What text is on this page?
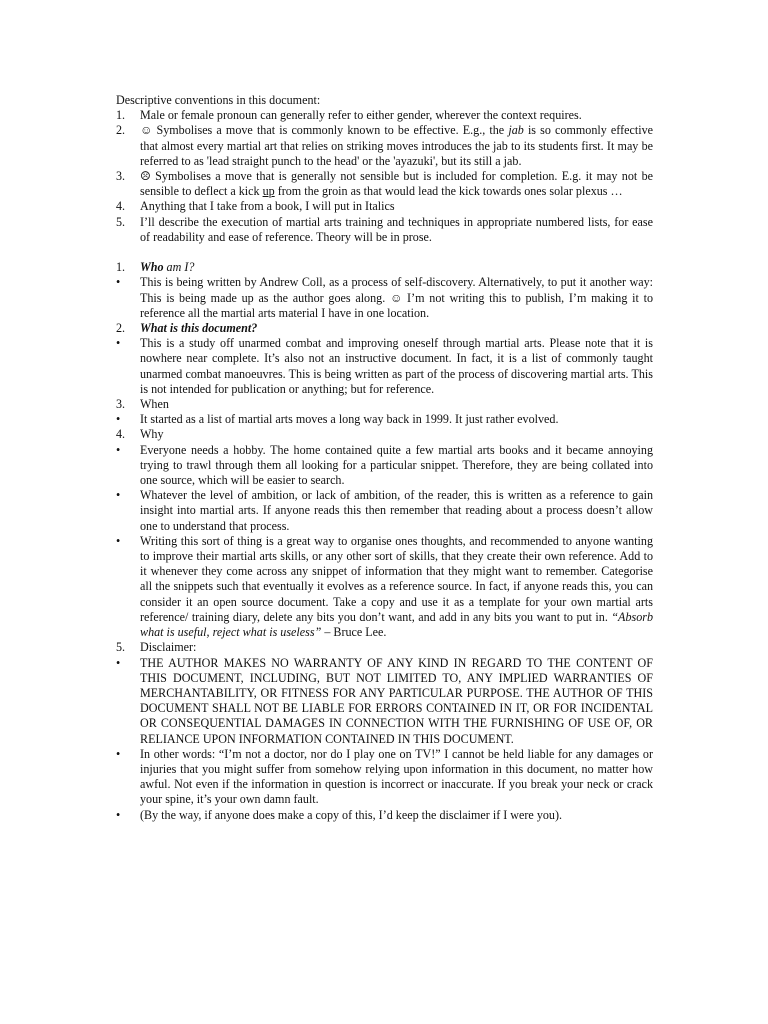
Descriptive conventions in this document:

1.	Male or female pronoun can generally refer to either gender, wherever the context requires.
2.	☺ Symbolises a move that is commonly known to be effective. E.g., the jab is so commonly effective that almost every martial art that relies on striking moves introduces the jab to its students first. It may be referred to as 'lead straight punch to the head' or the 'ayazuki', but its still a jab.
3.	☹ Symbolises a move that is generally not sensible but is included for completion. E.g. it may not be sensible to deflect a kick up from the groin as that would lead the kick towards ones solar plexus …
4.	Anything that I take from a book, I will put in Italics
5.	I’ll describe the execution of martial arts training and techniques in appropriate numbered lists, for ease of readability and ease of reference. Theory will be in prose.
1.	Who am I?
•	This is being written by Andrew Coll, as a process of self-discovery. Alternatively, to put it another way: This is being made up as the author goes along. ☺ I’m not writing this to publish, I’m making it to reference all the martial arts material I have in one location.
2.	What is this document?
•	This is a study off unarmed combat and improving oneself through martial arts. Please note that it is nowhere near complete. It’s also not an instructive document. In fact, it is a list of commonly taught unarmed combat manoeuvres. This is being written as part of the process of discovering martial arts. This is not intended for publication or anything; but for reference.
3.	When
•	It started as a list of martial arts moves a long way back in 1999. It just rather evolved.
4.	Why
•	Everyone needs a hobby. The home contained quite a few martial arts books and it became annoying trying to trawl through them all looking for a particular snippet. Therefore, they are being collated into one source, which will be easier to search.
•	Whatever the level of ambition, or lack of ambition, of the reader, this is written as a reference to gain insight into martial arts. If anyone reads this then remember that reading about a process doesn’t allow one to understand that process.
•	Writing this sort of thing is a great way to organise ones thoughts, and recommended to anyone wanting to improve their martial arts skills, or any other sort of skills, that they create their own reference. Add to it whenever they come across any snippet of information that they might want to remember. Categorise all the snippets such that eventually it evolves as a reference source. In fact, if anyone reads this, you can consider it an open source document. Take a copy and use it as a template for your own martial arts reference/ training diary, delete any bits you don’t want, and add in any bits you want to put in. “Absorb what is useful, reject what is useless” – Bruce Lee.
5.	Disclaimer:
•	THE AUTHOR MAKES NO WARRANTY OF ANY KIND IN REGARD TO THE CONTENT OF THIS DOCUMENT, INCLUDING, BUT NOT LIMITED TO, ANY IMPLIED WARRANTIES OF MERCHANTABILITY, OR FITNESS FOR ANY PARTICULAR PURPOSE. THE AUTHOR OF THIS DOCUMENT SHALL NOT BE LIABLE FOR ERRORS CONTAINED IN IT, OR FOR INCIDENTAL OR CONSEQUENTIAL DAMAGES IN CONNECTION WITH THE FURNISHING OF USE OF, OR RELIANCE UPON INFORMATION CONTAINED IN THIS DOCUMENT.
•	In other words: “I’m not a doctor, nor do I play one on TV!” I cannot be held liable for any damages or injuries that you might suffer from somehow relying upon information in this document, no matter how awful. Not even if the information in question is incorrect or inaccurate. If you break your neck or crack your spine, it’s your own damn fault.
•	(By the way, if anyone does make a copy of this, I’d keep the disclaimer if I were you).
